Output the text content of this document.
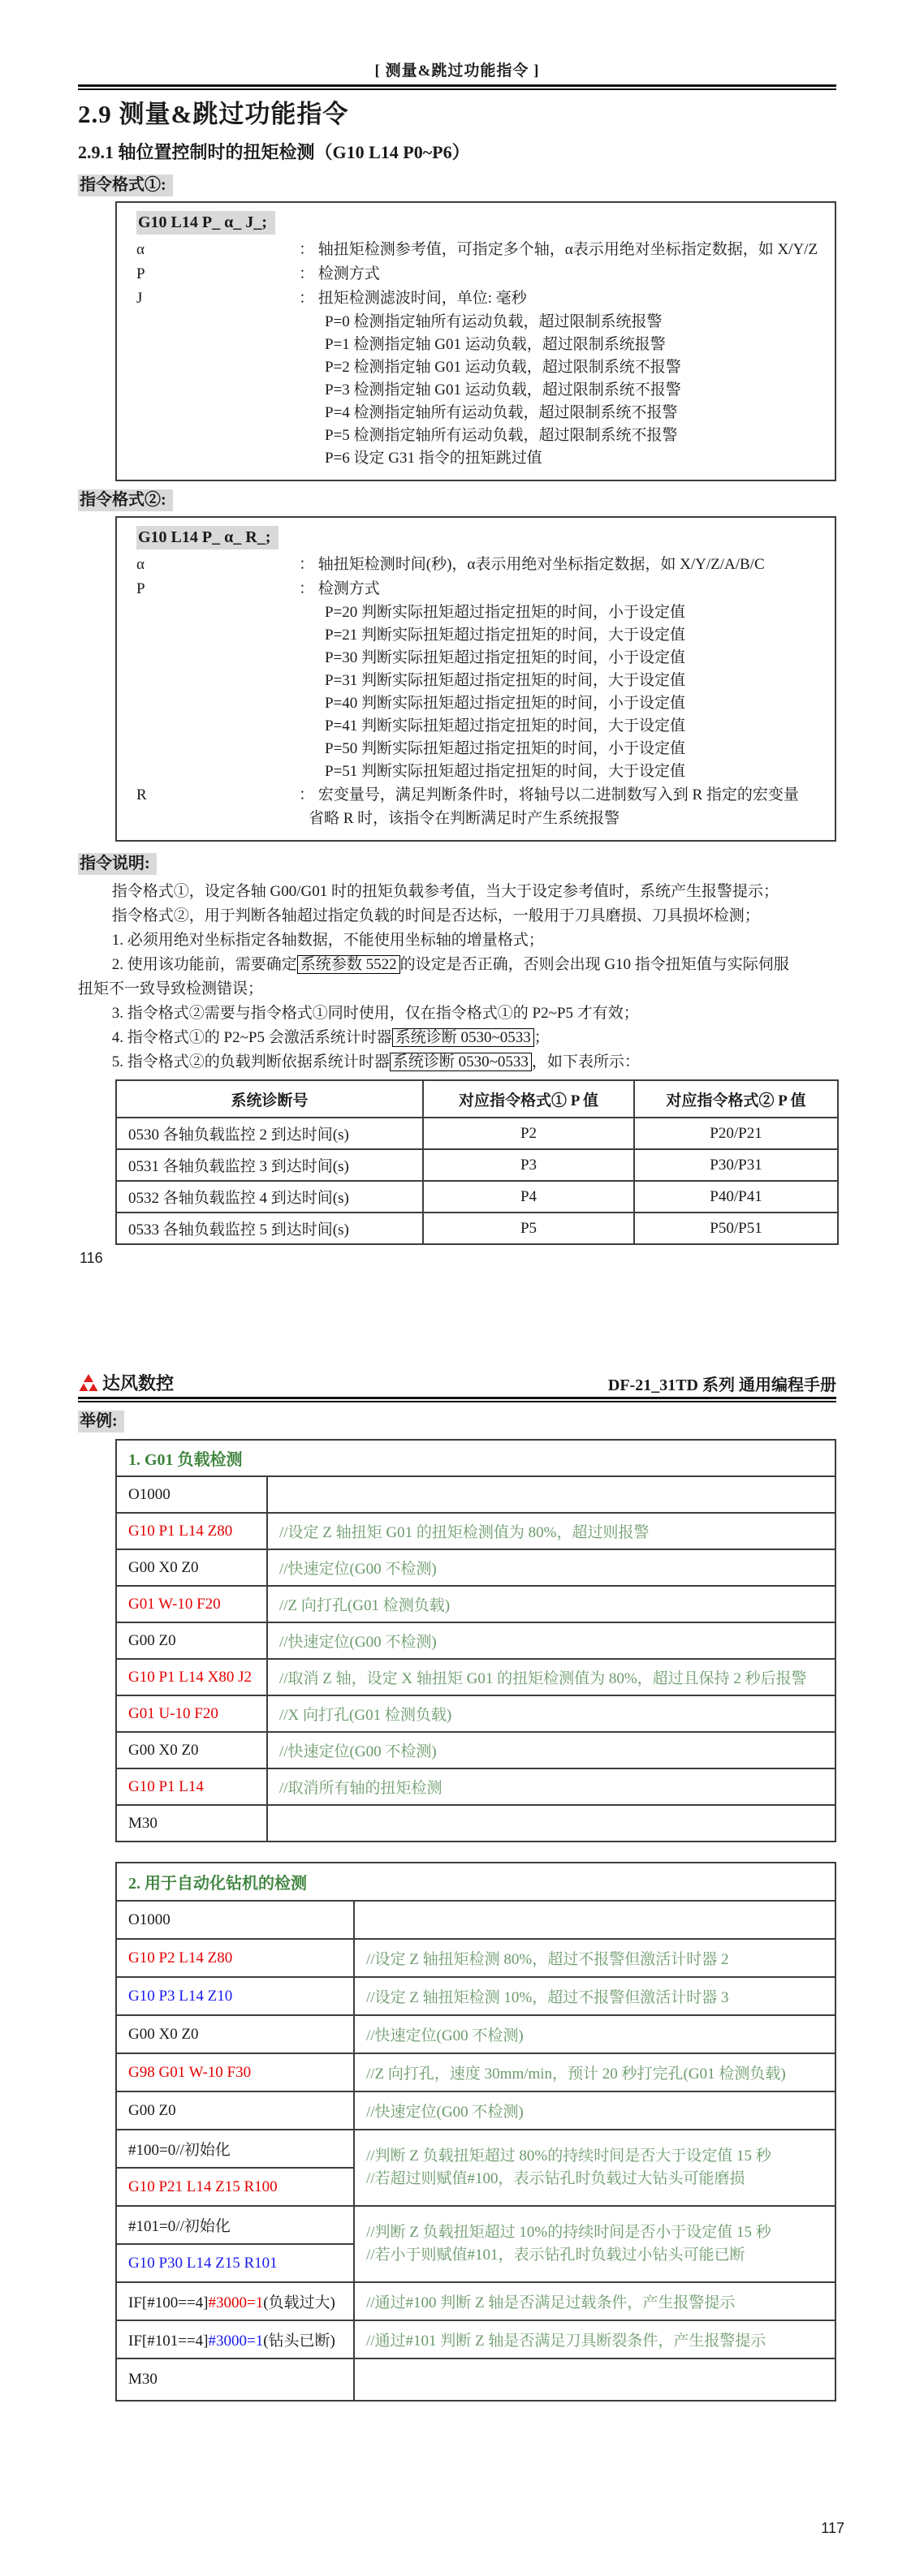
[ 测量&跳过功能指令 ]
2.9 测量&跳过功能指令
2.9.1 轴位置控制时的扭矩检测（G10 L14 P0~P6）
指令格式①:
G10 L14 P_ α_ J_;
α	： 轴扭矩检测参考值，可指定多个轴，α表示用绝对坐标指定数据，如 X/Y/Z
P	： 检测方式
J	： 扭矩检测滤波时间，单位: 毫秒
P=0 检测指定轴所有运动负载，超过限制系统报警
P=1 检测指定轴 G01 运动负载，超过限制系统报警
P=2 检测指定轴 G01 运动负载，超过限制系统不报警
P=3 检测指定轴 G01 运动负载，超过限制系统不报警
P=4 检测指定轴所有运动负载，超过限制系统不报警
P=5 检测指定轴所有运动负载，超过限制系统不报警
P=6 设定 G31 指令的扭矩跳过值
指令格式②:
G10 L14 P_ α_ R_;
α	： 轴扭矩检测时间(秒)，α表示用绝对坐标指定数据，如 X/Y/Z/A/B/C
P	： 检测方式
P=20 判断实际扭矩超过指定扭矩的时间，小于设定值
P=21 判断实际扭矩超过指定扭矩的时间，大于设定值
P=30 判断实际扭矩超过指定扭矩的时间，小于设定值
P=31 判断实际扭矩超过指定扭矩的时间，大于设定值
P=40 判断实际扭矩超过指定扭矩的时间，小于设定值
P=41 判断实际扭矩超过指定扭矩的时间，大于设定值
P=50 判断实际扭矩超过指定扭矩的时间，小于设定值
P=51 判断实际扭矩超过指定扭矩的时间，大于设定值
R	： 宏变量号，满足判断条件时，将轴号以二进制数写入到 R 指定的宏变量
省略 R 时，该指令在判断满足时产生系统报警
指令说明:
指令格式①，设定各轴 G00/G01 时的扭矩负载参考值，当大于设定参考值时，系统产生报警提示；
指令格式②，用于判断各轴超过指定负载的时间是否达标，一般用于刀具磨损、刀具损坏检测；
1. 必须用绝对坐标指定各轴数据，不能使用坐标轴的增量格式；
2. 使用该功能前，需要确定 系统参数 5522 的设定是否正确，否则会出现 G10 指令扭矩值与实际伺服
扭矩不一致导致检测错误；
3. 指令格式②需要与指令格式①同时使用，仅在指令格式①的 P2~P5 才有效；
4. 指令格式①的 P2~P5 会激活系统计时器 系统诊断 0530~0533 ；
5. 指令格式②的负载判断依据系统计时器 系统诊断 0530~0533 ，如下表所示：
系统诊断号	对应指令格式① P 值	对应指令格式② P 值
0530 各轴负载监控 2 到达时间(s)	P2	P20/P21
0531 各轴负载监控 3 到达时间(s)	P3	P30/P31
0532 各轴负载监控 4 到达时间(s)	P4	P40/P41
0533 各轴负载监控 5 到达时间(s)	P5	P50/P51
116
达风数控	DF-21_31TD 系列 通用编程手册
举例:
1. G01 负载检测	
O1000	
G10 P1 L14 Z80	//设定 Z 轴扭矩 G01 的扭矩检测值为 80%，超过则报警
G00 X0 Z0	//快速定位(G00 不检测)
G01 W-10 F20	//Z 向打孔(G01 检测负载)
G00 Z0	//快速定位(G00 不检测)
G10 P1 L14 X80 J2	//取消 Z 轴，设定 X 轴扭矩 G01 的扭矩检测值为 80%，超过且保持 2 秒后报警
G01 U-10 F20	//X 向打孔(G01 检测负载)
G00 X0 Z0	//快速定位(G00 不检测)
G10 P1 L14	//取消所有轴的扭矩检测
M30	
2. 用于自动化钻机的检测	
O1000	
G10 P2 L14 Z80	//设定 Z 轴扭矩检测 80%，超过不报警但激活计时器 2
G10 P3 L14 Z10	//设定 Z 轴扭矩检测 10%，超过不报警但激活计时器 3
G00 X0 Z0	//快速定位(G00 不检测)
G98 G01 W-10 F30	//Z 向打孔，速度 30mm/min，预计 20 秒打完孔(G01 检测负载)
G00 Z0	//快速定位(G00 不检测)
#100=0//初始化	//判断 Z 负载扭矩超过 80%的持续时间是否大于设定值 15 秒
//若超过则赋值#100，表示钻孔时负载过大钻头可能磨损

G10 P21 L14 Z15 R100	
#101=0//初始化	//判断 Z 负载扭矩超过 10%的持续时间是否小于设定值 15 秒
//若小于则赋值#101，表示钻孔时负载过小钻头可能已断

G10 P30 L14 Z15 R101	
IF[#100==4]#3000=1(负载过大)	//通过#100 判断 Z 轴是否满足过载条件，产生报警提示
IF[#101==4]#3000=1(钻头已断)	//通过#101 判断 Z 轴是否满足刀具断裂条件，产生报警提示
M30	
117
